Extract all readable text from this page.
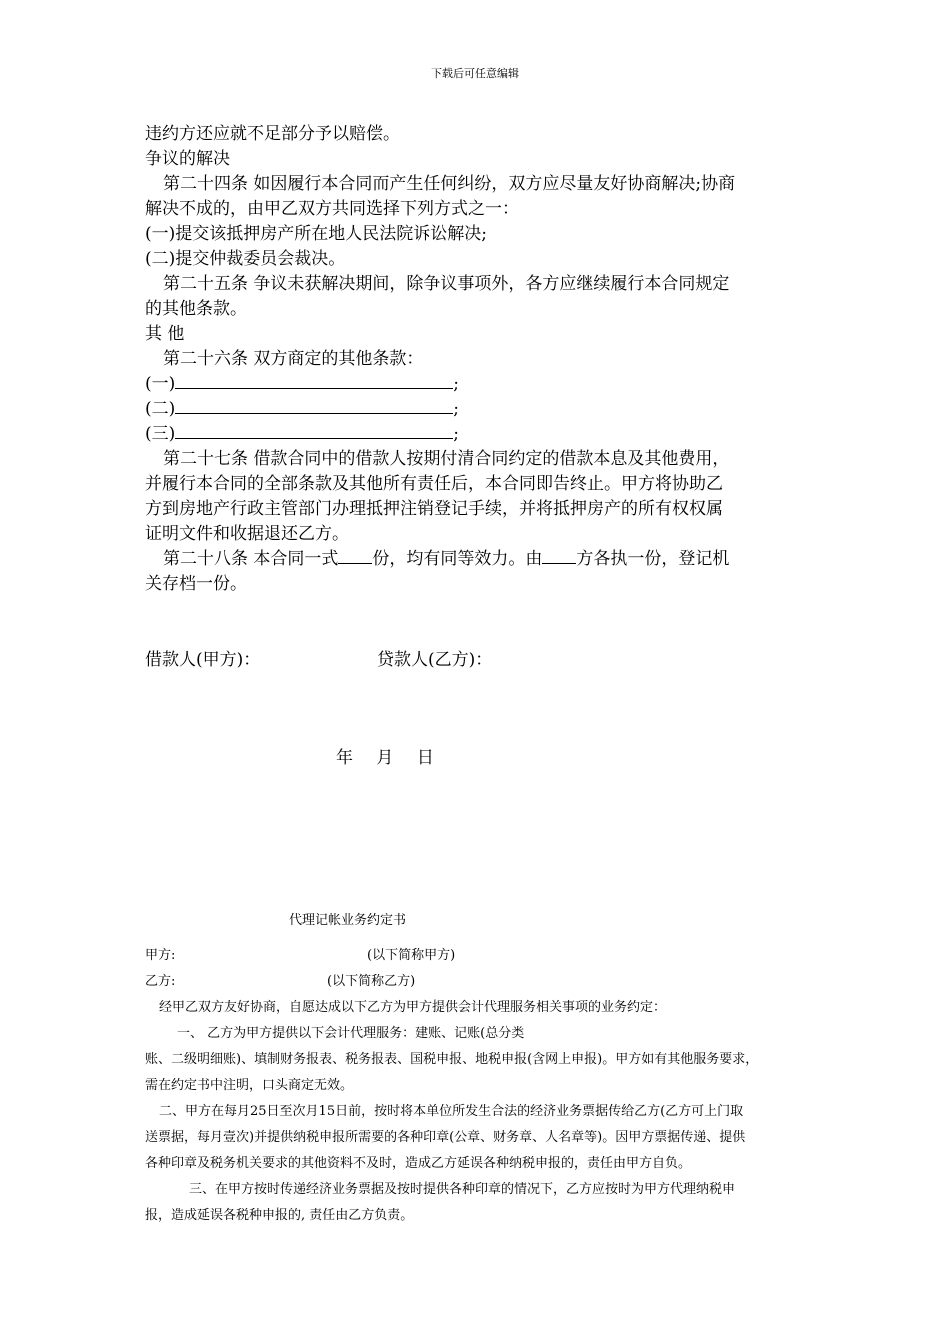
下载后可任意编辑

违约方还应就不足部分予以赔偿。

争议的解决

第二十四条 如因履行本合同而产生任何纠纷，双方应尽量友好协商解决;协商

解决不成的，由甲乙双方共同选择下列方式之一：

(一)提交该抵押房产所在地人民法院诉讼解决;

(二)提交仲裁委员会裁决。

第二十五条 争议未获解决期间，除争议事项外，各方应继续履行本合同规定

的其他条款。

其 他

第二十六条 双方商定的其他条款：

(一)	;

(二)	;

(三)	;

第二十七条 借款合同中的借款人按期付清合同约定的借款本息及其他费用，

并履行本合同的全部条款及其他所有责任后，本合同即告终止。甲方将协助乙

方到房地产行政主管部门办理抵押注销登记手续，并将抵押房产的所有权权属

证明文件和收据退还乙方。

第二十八条 本合同一式 份，均有同等效力。由 方各执一份，登记机

关存档一份。

借款人(甲方)：	贷款人(乙方)：
年 月 日
代理记帐业务约定书

甲方:	(以下简称甲方)

乙方:	(以下简称乙方)

经甲乙双方友好协商，自愿达成以下乙方为甲方提供会计代理服务相关事项的业务约定：

一、 乙方为甲方提供以下会计代理服务：建账、记账(总分类

账、二级明细账)、填制财务报表、税务报表、国税申报、地税申报(含网上申报)。甲方如有其他服务要求，

需在约定书中注明，口头商定无效。

二、甲方在每月25日至次月15日前，按时将本单位所发生合法的经济业务票据传给乙方(乙方可上门取

送票据，每月壹次)并提供纳税申报所需要的各种印章(公章、财务章、人名章等)。因甲方票据传递、提供

各种印章及税务机关要求的其他资料不及时，造成乙方延误各种纳税申报的，责任由甲方自负。

三、在甲方按时传递经济业务票据及按时提供各种印章的情况下，乙方应按时为甲方代理纳税申

报，造成延误各税种申报的, 责任由乙方负责。
